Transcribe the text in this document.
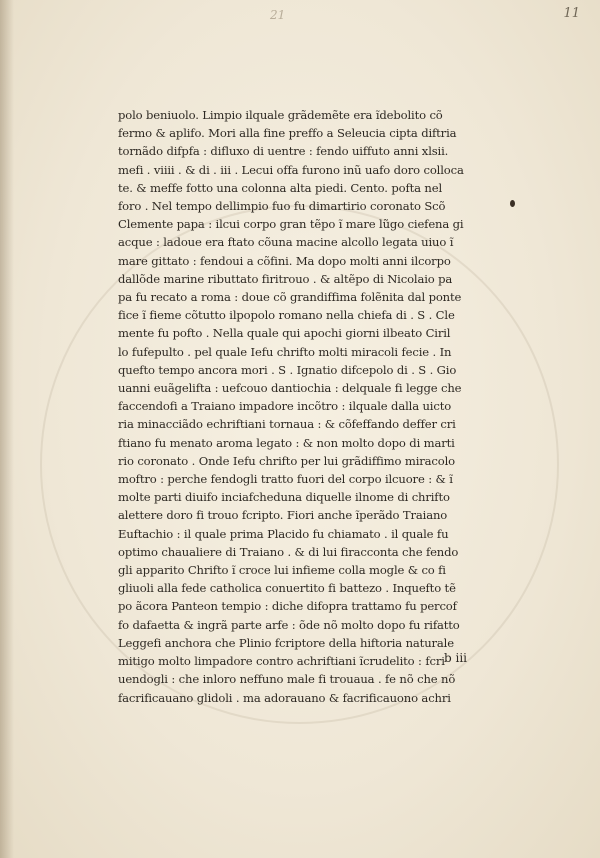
21	11
polo beniuolo. Limpio ilquale grãdemẽte era ĩdebolito cõ
fermo & aplifo. Mori alla fine preffo a Seleucia cipta diftria
tornãdo difpfa : difluxo di uentre : fendo uiffuto anni xlsii.
mefi . viiii . & di . iii . Lecui offa furono inũ uafo doro colloca
te. & meffe fotto una colonna alta piedi. Cento. pofta nel
foro . Nel tempo dellimpio fuo fu dimartirio coronato Scõ
Clemente papa : ilcui corpo gran tẽpo ĩ mare lũgo ciefena gi
acque : ladoue era ftato cõuna macine alcollo legata uiuo ĩ
mare gittato : fendoui a cõfini. Ma dopo molti anni ilcorpo
dallõde marine ributtato firitrouo . & altẽpo di Nicolaio pa
pa fu recato a roma : doue cõ grandiffima folẽnita dal ponte
fice ĩ fieme cõtutto ilpopolo romano nella chiefa di . S . Cle
mente fu pofto . Nella quale qui apochi giorni ilbeato Ciril
lo fufepulto . pel quale Iefu chrifto molti miracoli fecie . In
quefto tempo ancora mori . S . Ignatio difcepolo di . S . Gio
uanni euãgelifta : uefcouo dantiochia : delquale fi legge che
faccendofi a Traiano impadore incõtro : ilquale dalla uicto
ria minacciãdo echriftiani tornaua : & cõfeffando deffer cri
ftiano fu menato aroma legato : & non molto dopo di marti
rio coronato . Onde Iefu chrifto per lui grãdiffimo miracolo
moftro : perche fendogli tratto fuori del corpo ilcuore : & ĩ
molte parti diuifo inciafcheduna diquelle ilnome di chrifto
alettere doro fi trouo fcripto. Fiori anche ĩperãdo Traiano
Euftachio : il quale prima Placido fu chiamato . il quale fu
optimo chaualiere di Traiano . & di lui firacconta che fendo
gli apparito Chrifto ĩ croce lui infieme colla mogle & co fi
gliuoli alla fede catholica conuertito fi battezo . Inquefto tẽ
po ãcora Panteon tempio : diche difopra trattamo fu percof
fo dafaetta & ingrã parte arfe : õde nõ molto dopo fu rifatto
Leggefi anchora che Plinio fcriptore della hiftoria naturale
mitigo molto limpadore contro achriftiani ĩcrudelito : fcri
uendogli : che inloro neffuno male fi trouaua . fe nõ che nõ
facrificauano glidoli . ma adorauano & facrificauono achri
b iii
